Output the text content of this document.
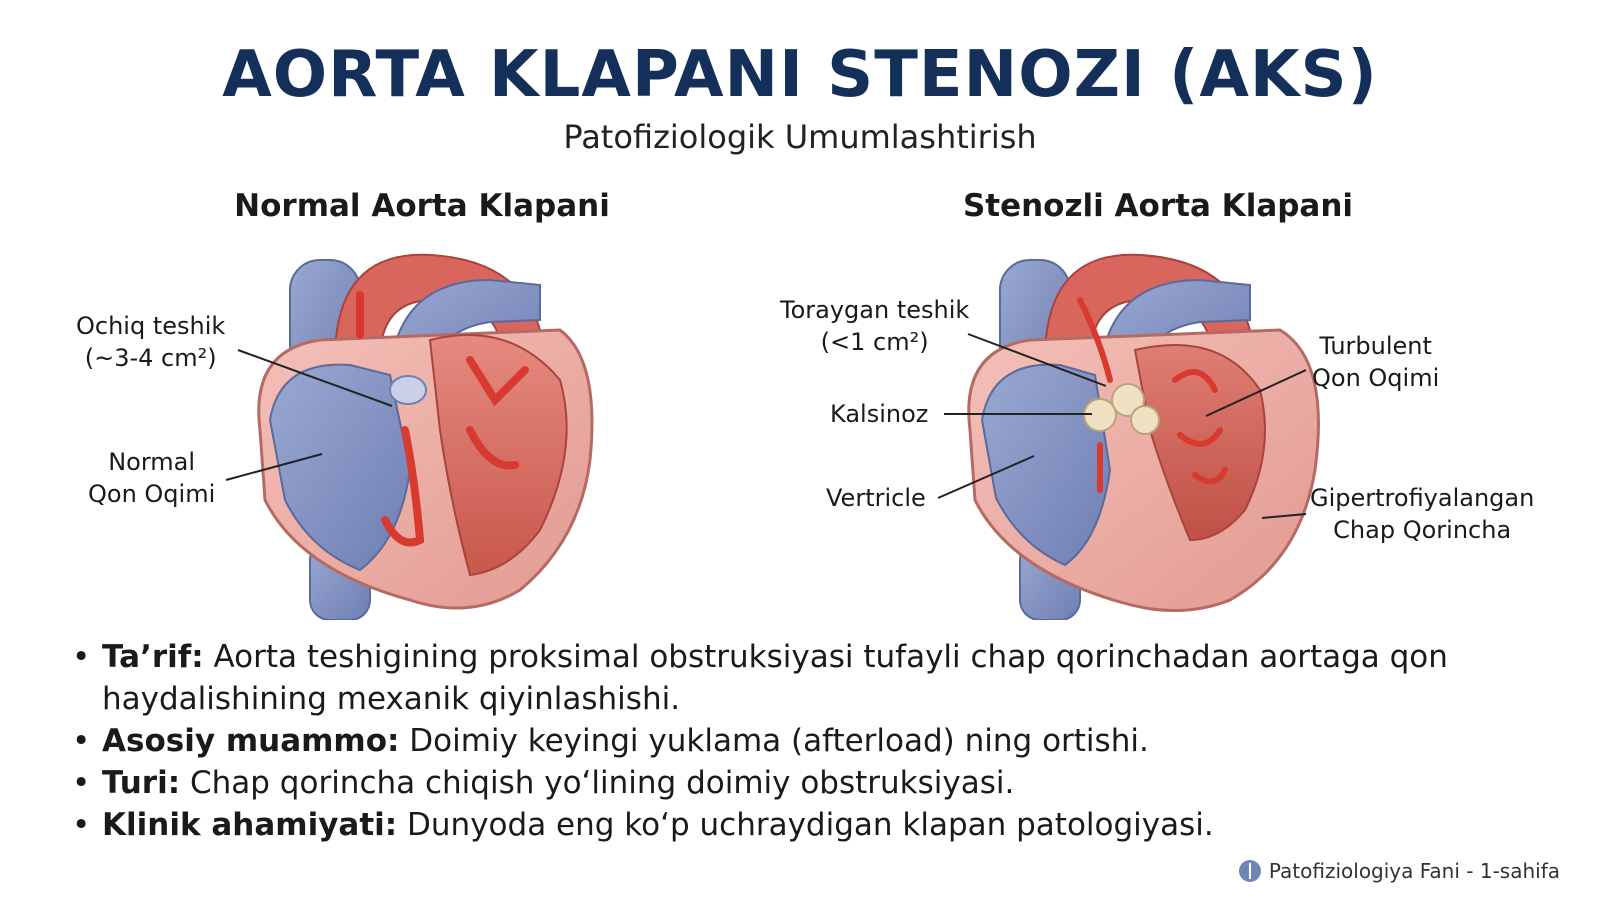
AORTA KLAPANI STENOZI (AKS)
Patofiziologik Umumlashtirish
Normal Aorta Klapani	Stenozli Aorta Klapani
Ochiq teshik
(~3-4 cm²)
Normal
Qon Oqimi
Toraygan teshik
(<1 cm²)
Kalsinoz
Vertricle
Turbulent
Qon Oqimi
Gipertrofiyalangan
Chap Qorincha
• Ta’rif: Aorta teshigining proksimal obstruksiyasi tufayli chap qorinchadan aortaga qon haydalishining mexanik qiyinlashishi.
• Asosiy muammo: Doimiy keyingi yuklama (afterload) ning ortishi.
• Turi: Chap qorincha chiqish yo‘lining doimiy obstruksiyasi.
• Klinik ahamiyati: Dunyoda eng ko‘p uchraydigan klapan patologiyasi.
Patofiziologiya Fani - 1-sahifa
